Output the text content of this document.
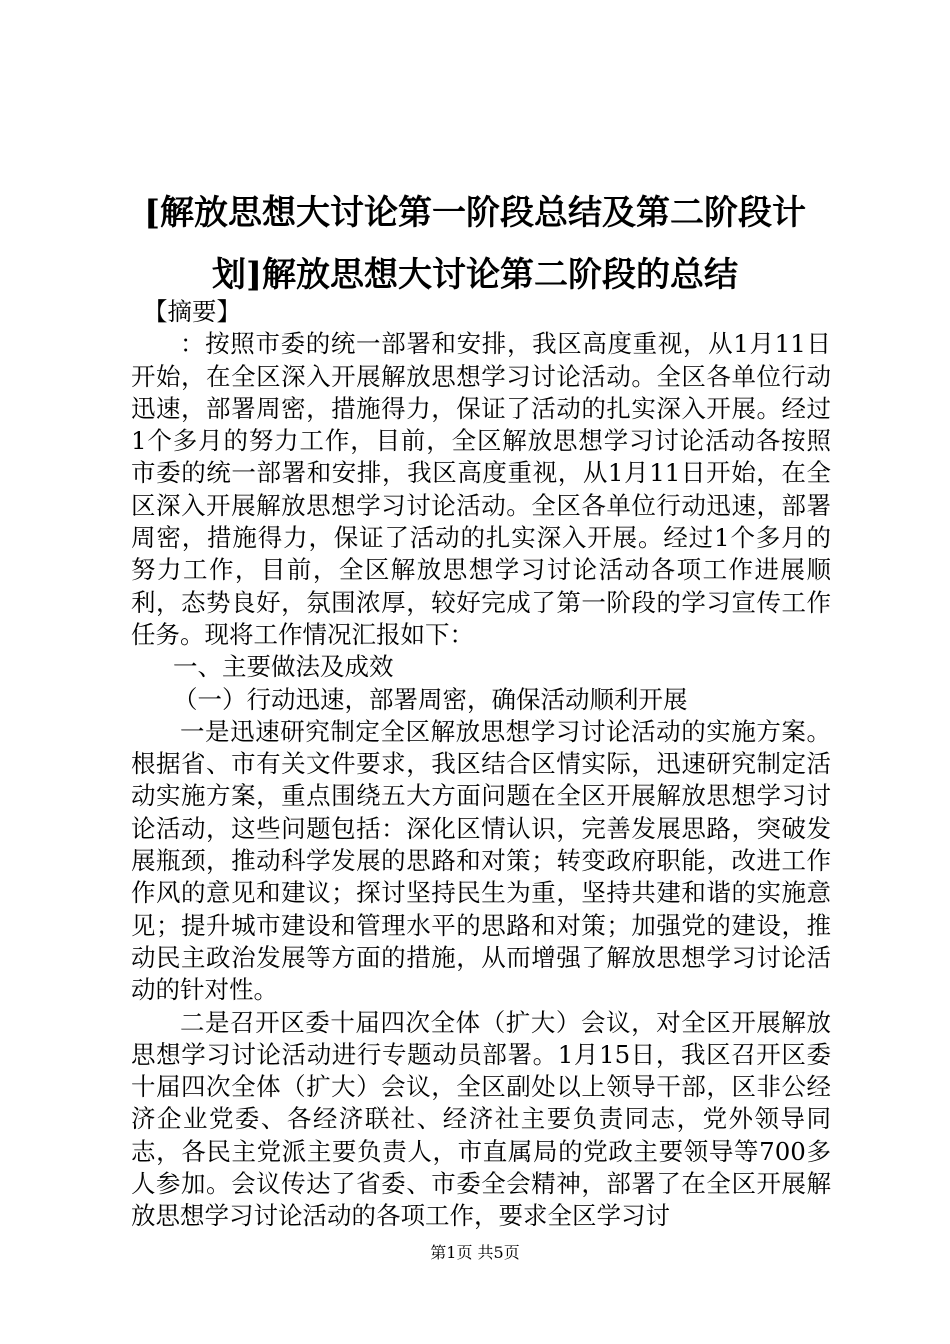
[解放思想大讨论第一阶段总结及第二阶段计划]解放思想大讨论第二阶段的总结

【摘要】

：按照市委的统一部署和安排，我区高度重视，从1月11日开始，在全区深入开展解放思想学习讨论活动。全区各单位行动迅速，部署周密，措施得力，保证了活动的扎实深入开展。经过1个多月的努力工作，目前，全区解放思想学习讨论活动各按照市委的统一部署和安排，我区高度重视，从1月11日开始，在全区深入开展解放思想学习讨论活动。全区各单位行动迅速，部署周密，措施得力，保证了活动的扎实深入开展。经过1个多月的努力工作，目前，全区解放思想学习讨论活动各项工作进展顺利，态势良好，氛围浓厚，较好完成了第一阶段的学习宣传工作任务。现将工作情况汇报如下：

一、主要做法及成效

（一）行动迅速，部署周密，确保活动顺利开展

一是迅速研究制定全区解放思想学习讨论活动的实施方案。根据省、市有关文件要求，我区结合区情实际，迅速研究制定活动实施方案，重点围绕五大方面问题在全区开展解放思想学习讨论活动，这些问题包括：深化区情认识，完善发展思路，突破发展瓶颈，推动科学发展的思路和对策；转变政府职能，改进工作作风的意见和建议；探讨坚持民生为重，坚持共建和谐的实施意见；提升城市建设和管理水平的思路和对策；加强党的建设，推动民主政治发展等方面的措施，从而增强了解放思想学习讨论活动的针对性。

二是召开区委十届四次全体（扩大）会议，对全区开展解放思想学习讨论活动进行专题动员部署。1月15日，我区召开区委十届四次全体（扩大）会议，全区副处以上领导干部，区非公经济企业党委、各经济联社、经济社主要负责同志，党外领导同志，各民主党派主要负责人，市直属局的党政主要领导等700多人参加。会议传达了省委、市委全会精神，部署了在全区开展解放思想学习讨论活动的各项工作，要求全区学习讨

第1页 共5页
